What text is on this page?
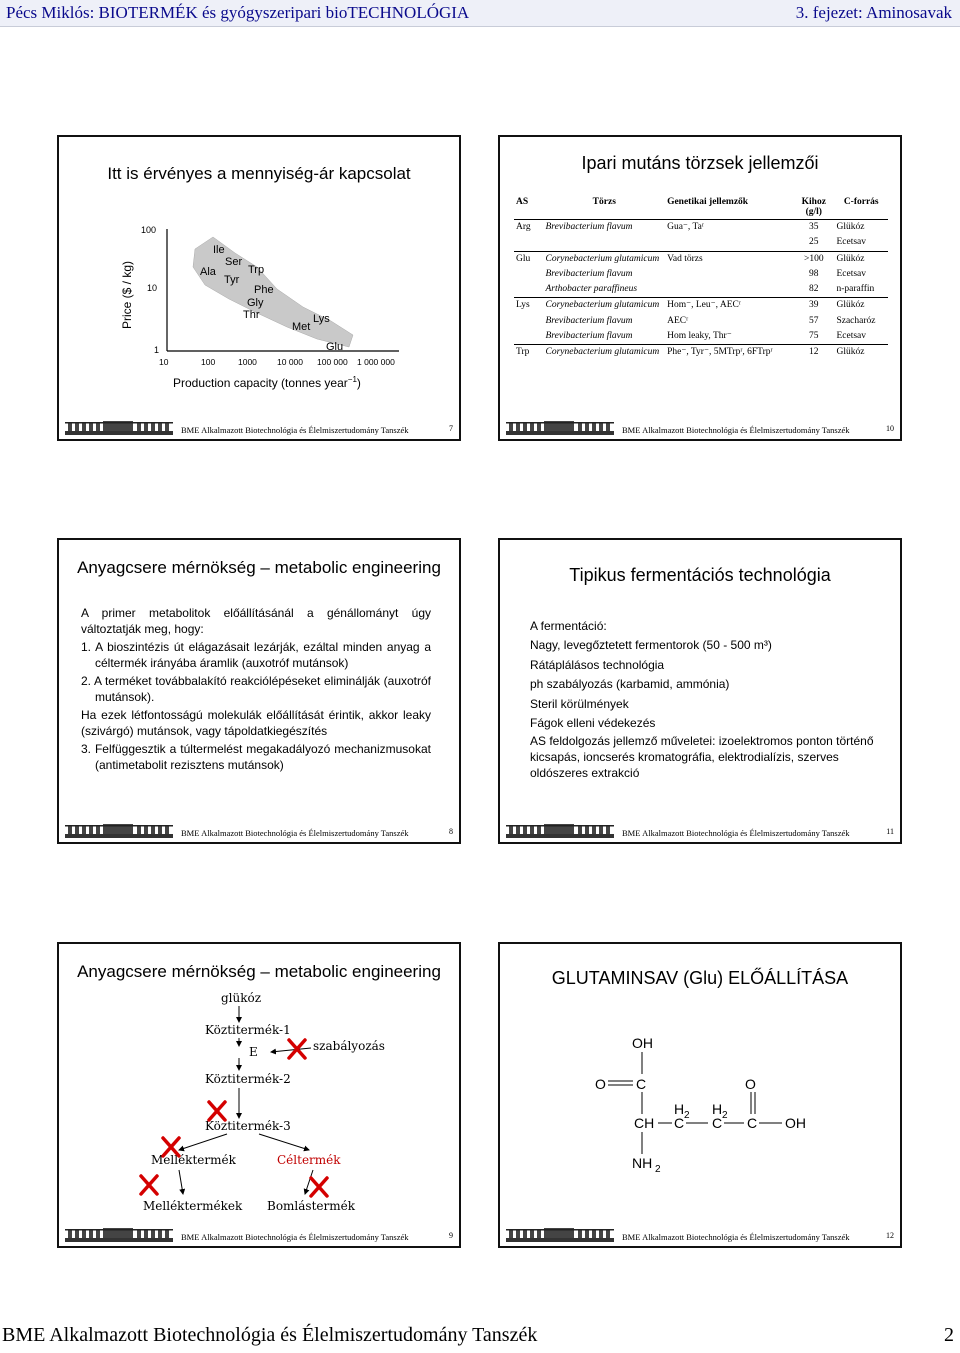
Pécs Miklós: BIOTERMÉK és gyógyszeripari bioTECHNOLÓGIA	3. fejezet: Aminosavak
Itt is érvényes a mennyiség-ár kapcsolat
Price ($ / kg)
100
10
1
10	100	1000 10 000 100 000 1 000 000
Production capacity (tonnes year$^{-1}$)
Ile
Ser
Ala	Trp
Tyr
Phe
Gly
Thr	Lys
Met
Glu
BME Alkalmazott Biotechnológia és Élelmiszertudomány Tanszék	7
Ipari mutáns törzsek jellemzői
AS	Törzs	Genetikai jellemzők	Kihoz (g/l)	C-forrás
Arg	Brevibacterium flavum	Gua⁻, Taʳ	35	Glükóz
			25	Ecetsav
Glu	Corynebacterium glutamicum	Vad törzs	>100	Glükóz
	Brevibacterium flavum		98	Ecetsav
	Arthobacter paraffineus		82	n-paraffin
Lys	Corynebacterium glutamicum	Hom⁻, Leu⁻, AECʳ	39	Glükóz
	Brevibacterium flavum	AECʳ	57	Szacharóz
	Brevibacterium flavum	Hom leaky, Thr⁻	75	Ecetsav
Trp	Corynebacterium glutamicum	Phe⁻, Tyr⁻, 5MTrpʳ, 6FTrpʳ	12	Glükóz
BME Alkalmazott Biotechnológia és Élelmiszertudomány Tanszék	10
Anyagcsere mérnökség – metabolic engineering

A primer metabolitok előállításánál a génállományt úgy változtatják meg, hogy:

1. A bioszintézis út elágazásait lezárják, ezáltal minden anyag a céltermék irányába áramlik (auxotróf mutánsok)

2. A terméket továbbalakító reakciólépéseket eliminálják (auxotróf mutánsok).

Ha ezek létfontosságú molekulák előállítását érintik, akkor leaky (szivárgó) mutánsok, vagy tápoldatkiegészítés

3. Felfüggesztik a túltermelést megakadályozó mechanizmusokat (antimetabolit rezisztens mutánsok)

BME Alkalmazott Biotechnológia és Élelmiszertudomány Tanszék	8
Tipikus fermentációs technológia
A fermentáció:
Nagy, levegőztetett fermentorok (50 - 500 m³)
Rátáplálásos technológia
ph szabályozás (karbamid, ammónia)
Steril körülmények
Fágok elleni védekezés

AS feldolgozás jellemző műveletei: izoelektromos ponton történő kicsapás, ioncserés kromatográfia, elektrodialízis, szerves oldószeres extrakció

BME Alkalmazott Biotechnológia és Élelmiszertudomány Tanszék	11
Anyagcsere mérnökség – metabolic engineering
glükóz
Köztitermék-1
E	szabályozás
Köztitermék-2
Köztitermék-3
Melléktermék	Céltermék
Melléktermékek Bomlástermék
BME Alkalmazott Biotechnológia és Élelmiszertudomány Tanszék	9
GLUTAMINSAV (Glu) ELŐÁLLÍTÁSA
OH
O C	O
CH
H 2
C
H 2
C C OH
NH 2
BME Alkalmazott Biotechnológia és Élelmiszertudomány Tanszék	12
BME Alkalmazott Biotechnológia és Élelmiszertudomány Tanszék	2
